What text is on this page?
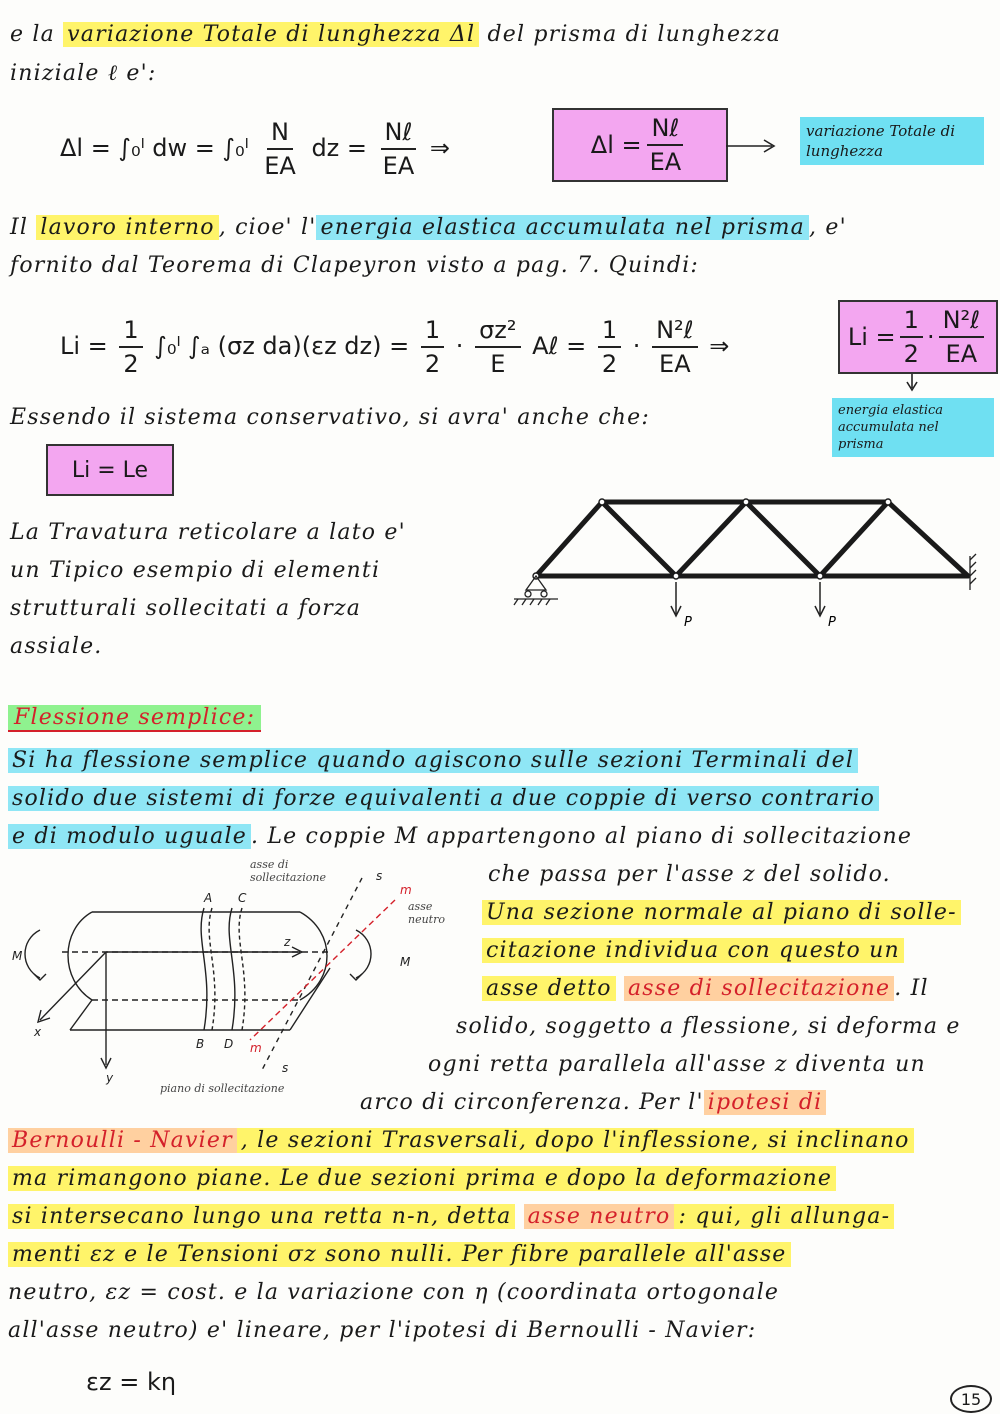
e la variazione Totale di lunghezza Δl del prisma di lunghezza
iniziale ℓ e':
Δl = ∫₀ˡ dw = ∫₀ˡ $\frac{N}{EA}$ dz = $\frac{\text{Nℓ}}{EA}$ ⇒	$\Delta l = \frac{\text{Nℓ}}{EA}$	variazione Totale di lunghezza
Il lavoro interno , cioe' l' energia elastica accumulata nel prisma , e'
fornito dal Teorema di Clapeyron visto a pag. 7. Quindi:
$Li = \frac{1}{2}$ ∫₀ˡ ∫ₐ (σz da)(εz $dz) = \frac{1}{2} \cdot \frac{\text{σz²}}{E}$ Aℓ = $\frac{1}{2} \cdot \frac{\text{N²ℓ}}{EA}$ ⇒	$Li = \frac{1}{2} \cdot \frac{\text{N²ℓ}}{EA}$
energia elastica accumulata nel prisma
Essendo il sistema conservativo, si avra' anche che:
Li = Le
La Travatura reticolare a lato e'
un Tipico esempio di elementi
strutturali sollecitati a forza
assiale.
P	P
Flessione semplice:
Si ha flessione semplice quando agiscono sulle sezioni Terminali del
solido due sistemi di forze equivalenti a due coppie di verso contrario
e di modulo uguale . Le coppie M appartengono al piano di sollecitazione
che passa per l'asse z del solido.
Una sezione normale al piano di solle-
citazione individua con questo un
asse detto asse di sollecitazione . Il
solido, soggetto a flessione, si deforma e
ogni retta parallela all'asse z diventa un
arco di circonferenza. Per l' ipotesi di
Bernoulli - Navier , le sezioni Trasversali, dopo l'inflessione, si inclinano
ma rimangono piane. Le due sezioni prima e dopo la deformazione
si intersecano lungo una retta n-n, detta asse neutro : qui, gli allunga-
menti εz e le Tensioni σz sono nulli. Per fibre parallele all'asse
neutro, εz = cost. e la variazione con η (coordinata ortogonale
all'asse neutro) e' lineare, per l'ipotesi di Bernoulli - Navier:
εz = kη
M	M
A C
B D
s
s
m
m
x
y
z
asse di sollecitazione
asse neutro
piano di sollecitazione
15
